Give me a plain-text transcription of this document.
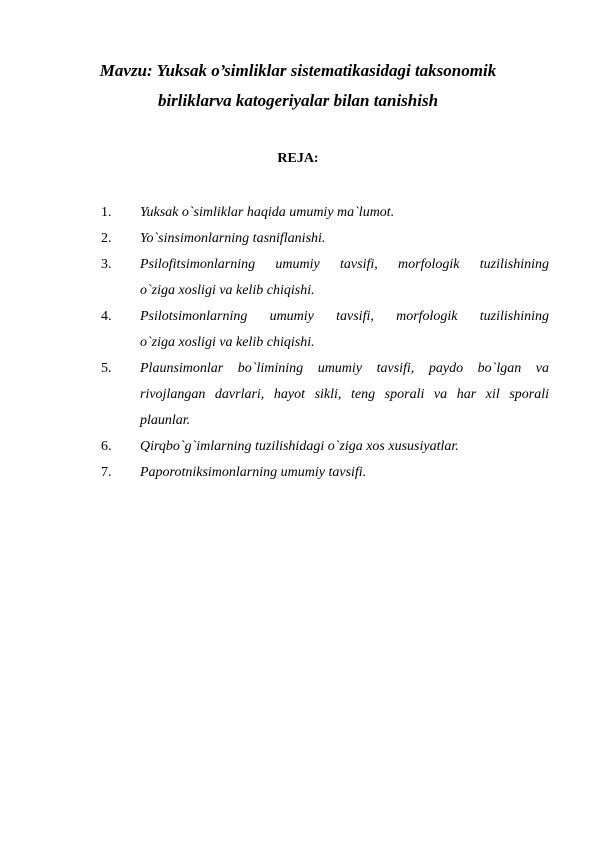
Mavzu: Yuksak o’simliklar sistematikasidagi taksonomik
birliklarva katogeriyalar bilan tanishish
REJA:
1. Yuksak o`simliklar haqida umumiy ma`lumot.
2. Yo`sinsimonlarning tasniflanishi.
3. Psilofitsimonlarning umumiy tavsifi, morfologik tuzilishining
o`ziga xosligi va kelib chiqishi.
4. Psilotsimonlarning umumiy tavsifi, morfologik tuzilishining
o`ziga xosligi va kelib chiqishi.
5. Plaunsimonlar bo`limining umumiy tavsifi, paydo bo`lgan va
rivojlangan davrlari, hayot sikli, teng sporali va har xil sporali
plaunlar.
6. Qirqbo`g`imlarning tuzilishidagi o`ziga xos xususiyatlar.
7. Paporotniksimonlarning umumiy tavsifi.
